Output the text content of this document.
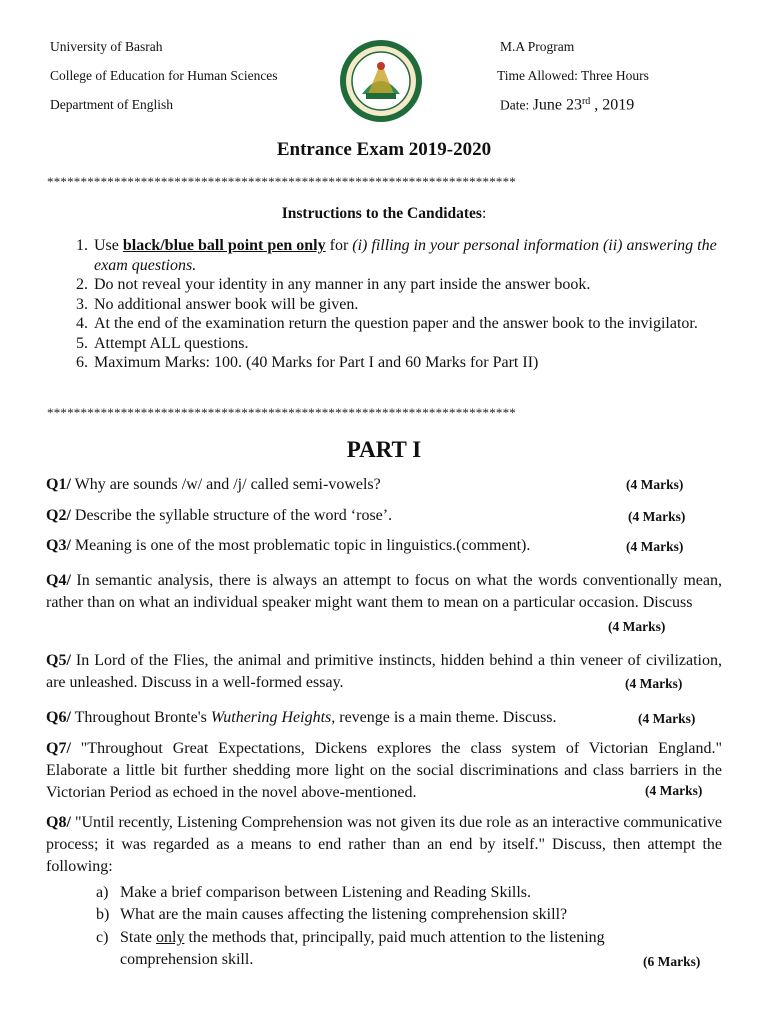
University of Basrah
College of Education for Human Sciences
Department of English
M.A Program
Time Allowed: Three Hours
Date: June 23rd , 2019
Entrance Exam 2019-2020
**********************************************************************
Instructions to the Candidates:
1. Use black/blue ball point pen only for (i) filling in your personal information (ii) answering the exam questions.
2. Do not reveal your identity in any manner in any part inside the answer book.
3. No additional answer book will be given.
4. At the end of the examination return the question paper and the answer book to the invigilator.
5. Attempt ALL questions.
6. Maximum Marks: 100. (40 Marks for Part I and 60 Marks for Part II)
**********************************************************************
PART I
Q1/ Why are sounds /w/ and /j/ called semi-vowels?	(4 Marks)
Q2/ Describe the syllable structure of the word ‘rose’.	(4 Marks)
Q3/ Meaning is one of the most problematic topic in linguistics.(comment).	(4 Marks)
Q4/ In semantic analysis, there is always an attempt to focus on what the words conventionally mean, rather than on what an individual speaker might want them to mean on a particular occasion. Discuss
(4 Marks)
Q5/ In Lord of the Flies, the animal and primitive instincts, hidden behind a thin veneer of civilization, are unleashed. Discuss in a well-formed essay.	(4 Marks)
Q6/ Throughout Bronte's Wuthering Heights, revenge is a main theme. Discuss.	(4 Marks)
Q7/ "Throughout Great Expectations, Dickens explores the class system of Victorian England." Elaborate a little bit further shedding more light on the social discriminations and class barriers in the Victorian Period as echoed in the novel above-mentioned.	(4 Marks)
Q8/ "Until recently, Listening Comprehension was not given its due role as an interactive communicative process; it was regarded as a means to end rather than an end by itself." Discuss, then attempt the following:
a) Make a brief comparison between Listening and Reading Skills.
b) What are the main causes affecting the listening comprehension skill?
c) State only the methods that, principally, paid much attention to the listening comprehension skill.	(6 Marks)
